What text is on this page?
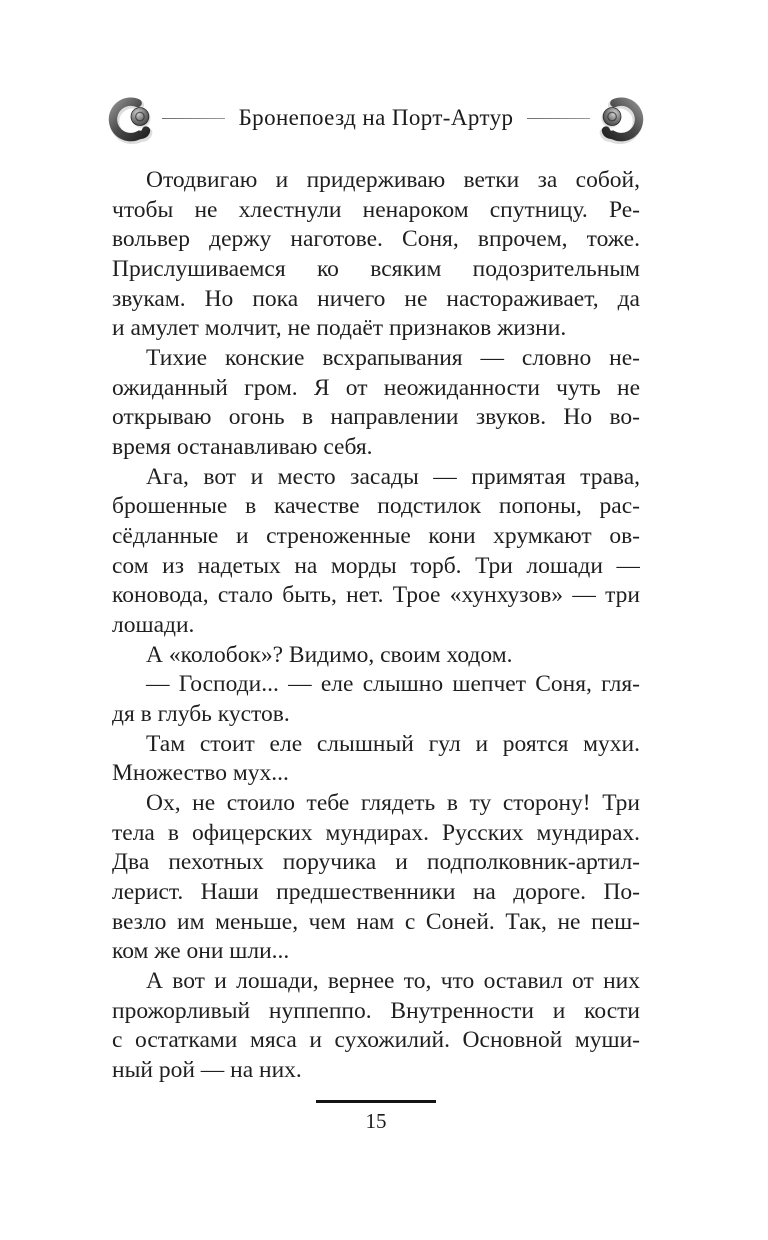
Бронепоезд на Порт-Артур

Отодвигаю и придерживаю ветки за собой,
чтобы не хлестнули ненароком спутницу. Ре-
вольвер держу наготове. Соня, впрочем, тоже.
Прислушиваемся ко всяким подозрительным
звукам. Но пока ничего не настораживает, да
и амулет молчит, не подаёт признаков жизни.

Тихие конские всхрапывания — словно не-
ожиданный гром. Я от неожиданности чуть не
открываю огонь в направлении звуков. Но во-
время останавливаю себя.

Ага, вот и место засады — примятая трава,
брошенные в качестве подстилок попоны, рас-
сёдланные и стреноженные кони хрумкают ов-
сом из надетых на морды торб. Три лошади —
коновода, стало быть, нет. Трое «хунхузов» — три
лошади.

А «колобок»? Видимо, своим ходом.

— Господи... — еле слышно шепчет Соня, гля-
дя в глубь кустов.

Там стоит еле слышный гул и роятся мухи.
Множество мух...

Ох, не стоило тебе глядеть в ту сторону! Три
тела в офицерских мундирах. Русских мундирах.
Два пехотных поручика и подполковник-артил-
лерист. Наши предшественники на дороге. По-
везло им меньше, чем нам с Соней. Так, не пеш-
ком же они шли...

А вот и лошади, вернее то, что оставил от них
прожорливый нуппеппо. Внутренности и кости
с остатками мяса и сухожилий. Основной муши-
ный рой — на них.

15
